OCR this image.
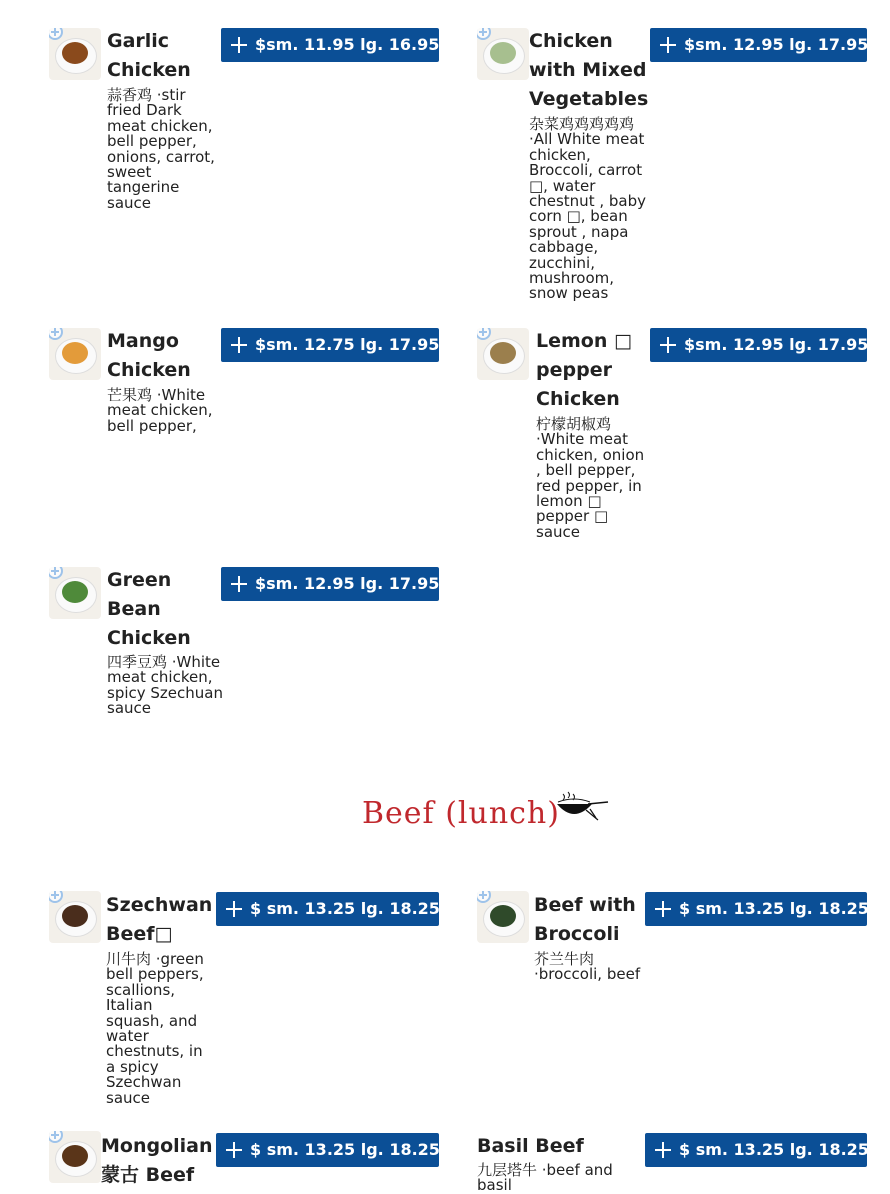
Garlic Chicken
蒜香鸡 ·stir fried Dark meat chicken, bell pepper, onions, carrot, sweet tangerine sauce
$sm. 11.95 lg. 16.95	Chicken with Mixed Vegetables
杂菜鸡鸡鸡鸡鸡 ·All White meat chicken, Broccoli, carrot □, water chestnut , baby corn □, bean sprout , napa cabbage, zucchini, mushroom, snow peas
$sm. 12.95 lg. 17.95
Mango Chicken
芒果鸡 ·White meat chicken, bell pepper,
$sm. 12.75 lg. 17.95	Lemon □ pepper Chicken
柠檬胡椒鸡 ·White meat chicken, onion , bell pepper, red pepper, in lemon □ pepper □ sauce
$sm. 12.95 lg. 17.95
Green Bean Chicken
四季豆鸡 ·White meat chicken, spicy Szechuan sauce
$sm. 12.95 lg. 17.95
Beef (lunch)
Szechwan Beef□
川牛肉 ·green bell peppers, scallions, Italian squash, and water chestnuts, in a spicy Szechwan sauce
$ sm. 13.25 lg. 18.25	Beef with Broccoli
芥兰牛肉 ·broccoli, beef
$ sm. 13.25 lg. 18.25
Mongolian 蒙古 Beef
$ sm. 13.25 lg. 18.25 Basil Beef
九层塔牛 ·beef and basil
$ sm. 13.25 lg. 18.25
